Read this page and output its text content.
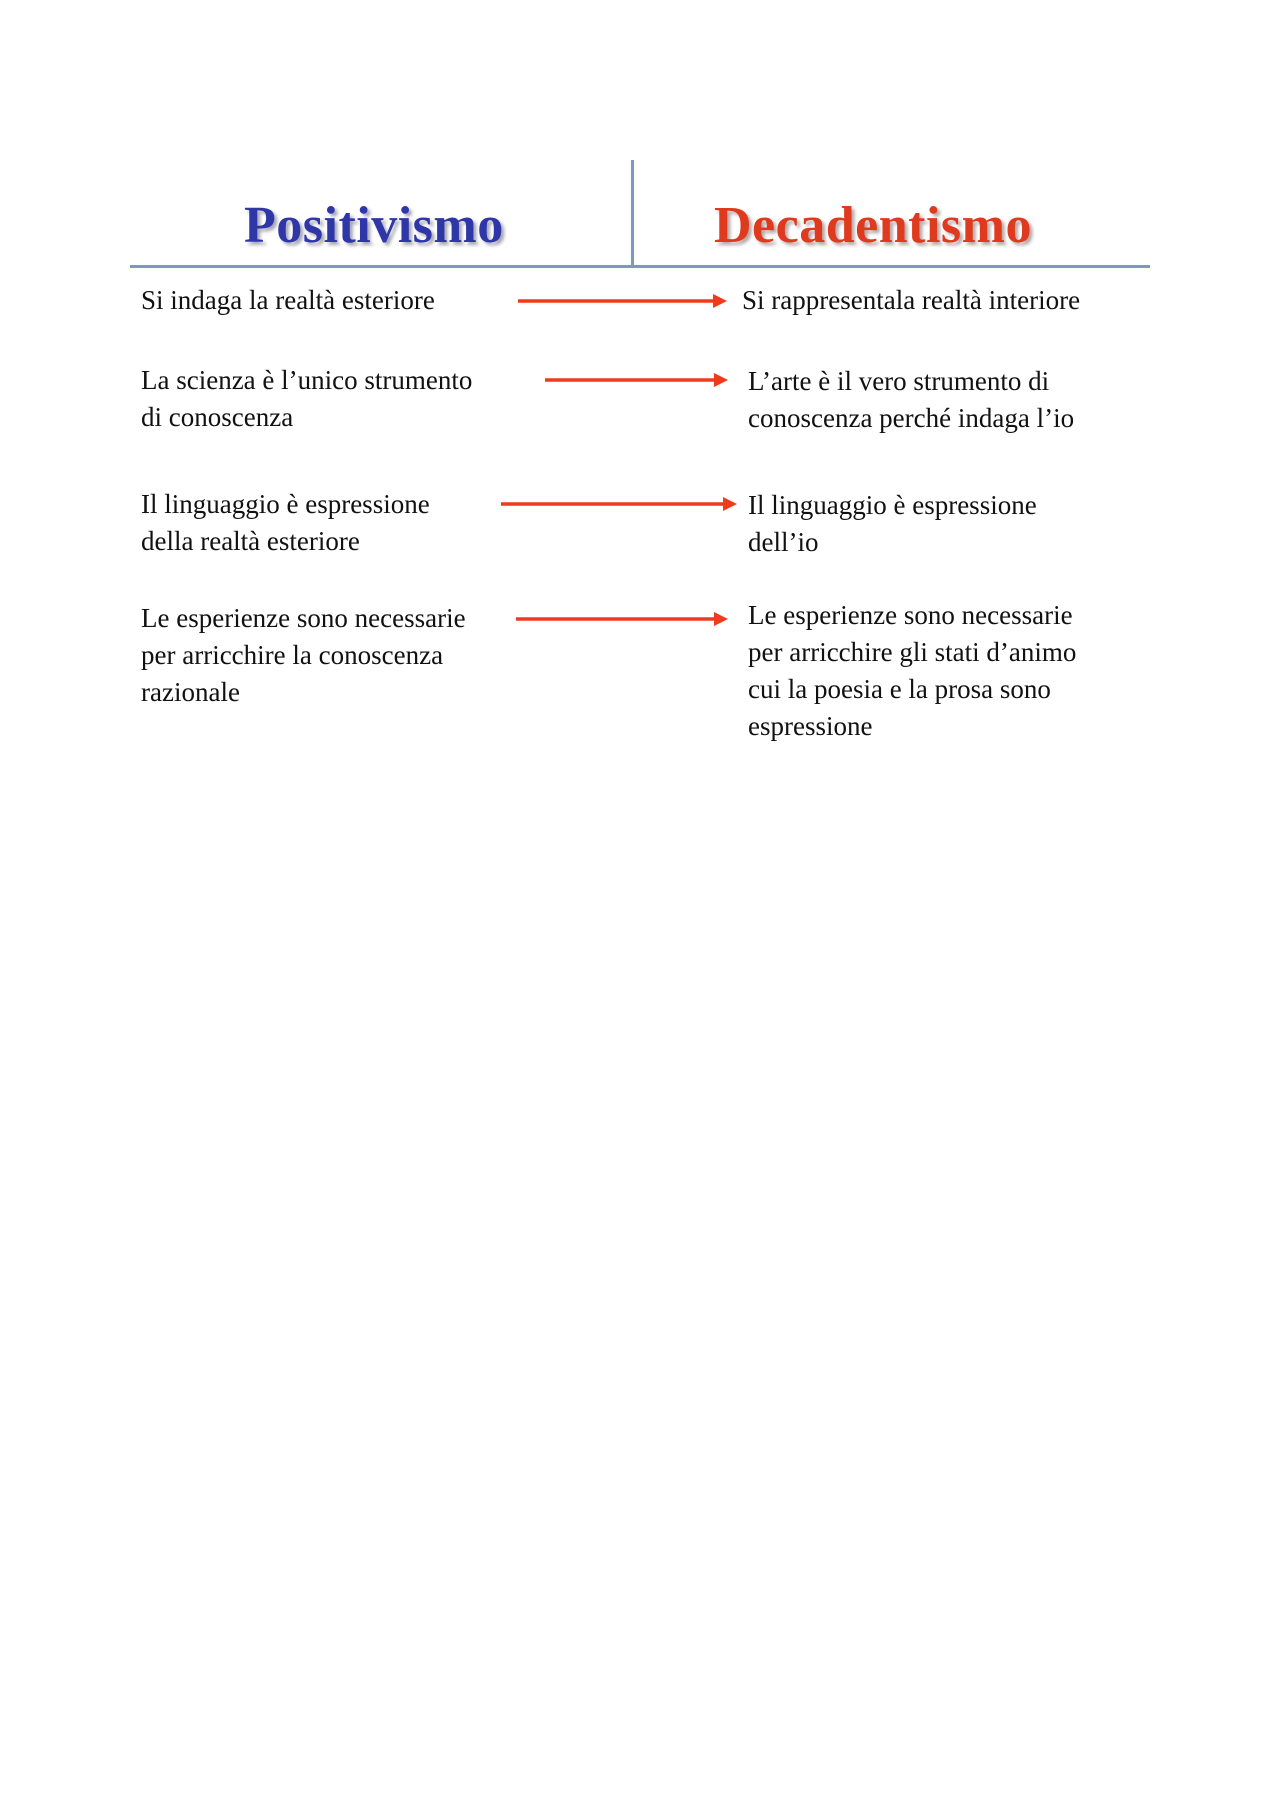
Positivismo	Decadentismo
Si indaga la realtà esteriore	Si rappresentala realtà interiore
La scienza è l’unico strumento
di conoscenza
L’arte è il vero strumento di
conoscenza perché indaga l’io
Il linguaggio è espressione
della realtà esteriore
Il linguaggio è espressione
dell’io
Le esperienze sono necessarie
per arricchire la conoscenza
razionale
Le esperienze sono necessarie
per arricchire gli stati d’animo
cui la poesia e la prosa sono
espressione
